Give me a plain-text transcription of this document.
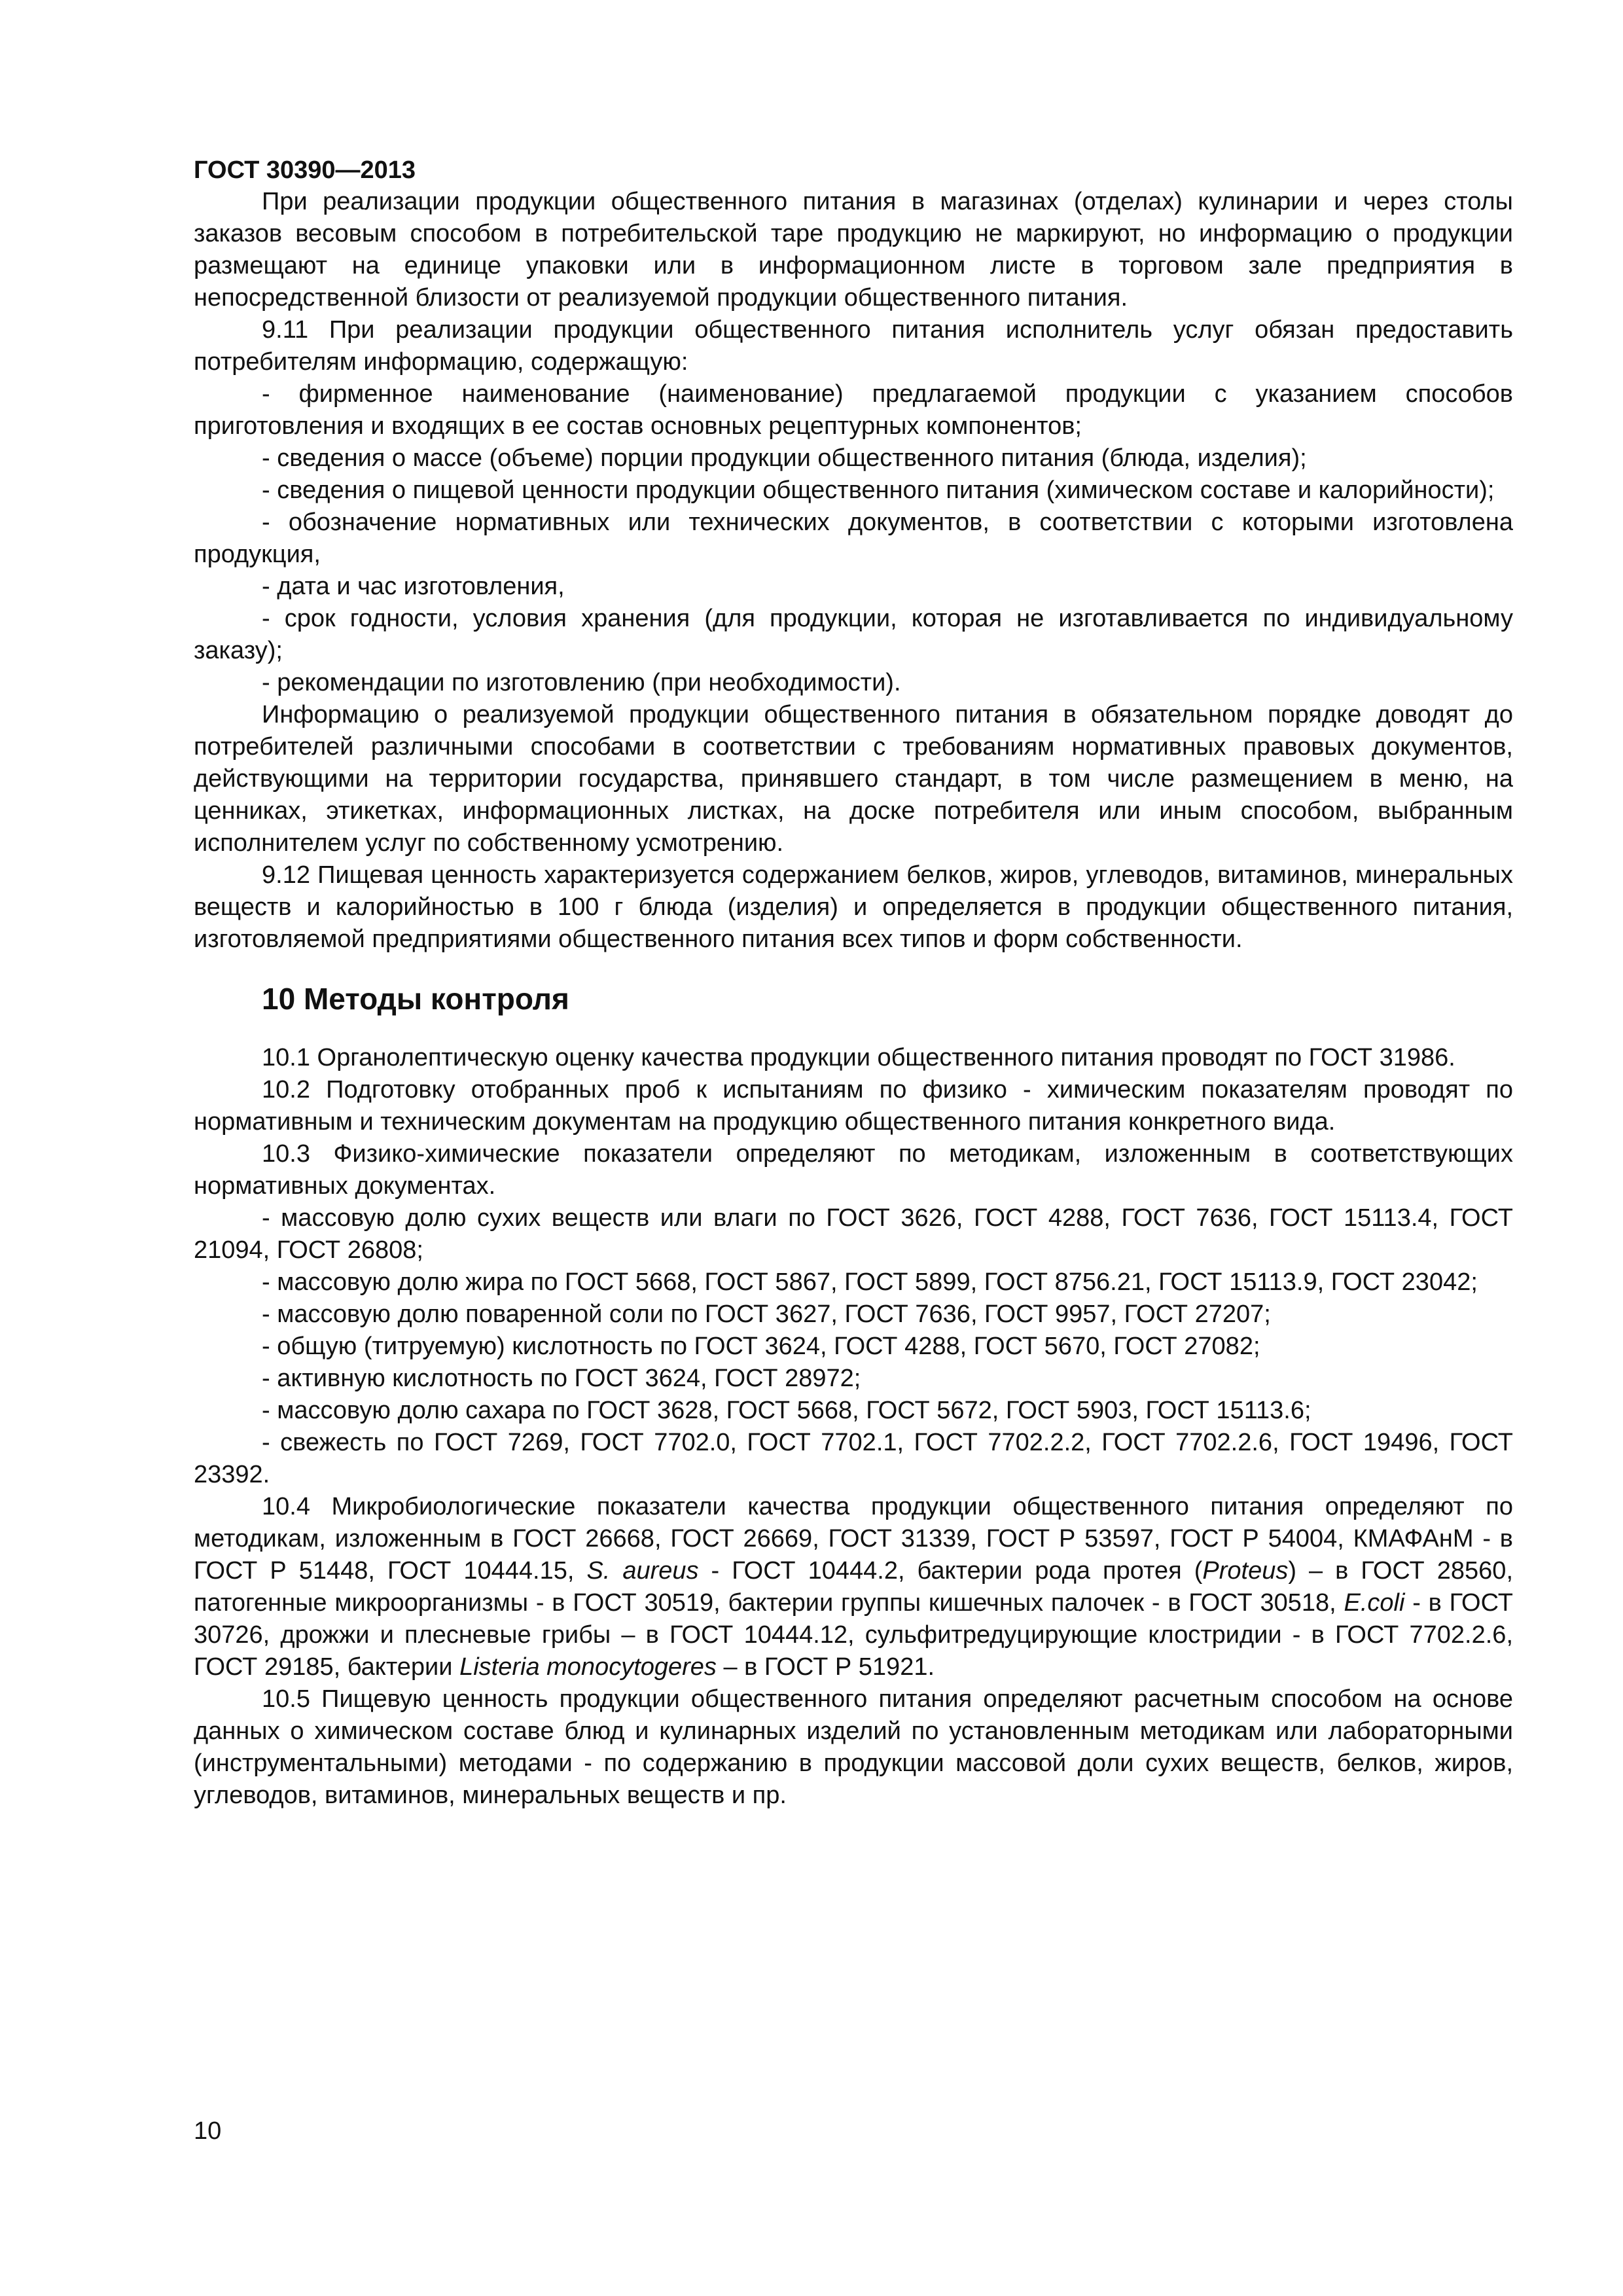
ГОСТ 30390—2013

При реализации продукции общественного питания в магазинах (отделах) кулинарии и через столы заказов весовым способом в потребительской таре продукцию не маркируют, но информацию о продукции размещают на единице упаковки или в информационном листе в торговом зале предприятия в непосредственной близости от реализуемой продукции общественного питания.

9.11 При реализации продукции общественного питания исполнитель услуг обязан предоставить потребителям информацию, содержащую:

- фирменное наименование (наименование) предлагаемой продукции с указанием способов приготовления и входящих в ее состав основных рецептурных компонентов;

- сведения о массе (объеме) порции продукции общественного питания (блюда, изделия);

- сведения о пищевой ценности продукции общественного питания (химическом составе и калорийности);

- обозначение нормативных или технических документов, в соответствии с которыми изготовлена продукция,

- дата и час изготовления,

- срок годности, условия хранения (для продукции, которая не изготавливается по индивидуальному заказу);

- рекомендации по изготовлению (при необходимости).

Информацию о реализуемой продукции общественного питания в обязательном порядке доводят до потребителей различными способами в соответствии с требованиям нормативных правовых документов, действующими на территории государства, принявшего стандарт, в том числе размещением в меню, на ценниках, этикетках, информационных листках, на доске потребителя или иным способом, выбранным исполнителем услуг по собственному усмотрению.

9.12 Пищевая ценность характеризуется содержанием белков, жиров, углеводов, витаминов, минеральных веществ и калорийностью в 100 г блюда (изделия) и определяется в продукции общественного питания, изготовляемой предприятиями общественного питания всех типов и форм собственности.

10 Методы контроля

10.1 Органолептическую оценку качества продукции общественного питания проводят по ГОСТ 31986.

10.2 Подготовку отобранных проб к испытаниям по физико - химическим показателям проводят по нормативным и техническим документам на продукцию общественного питания конкретного вида.

10.3 Физико-химические показатели определяют по методикам, изложенным в соответствующих нормативных документах.

- массовую долю сухих веществ или влаги по ГОСТ 3626, ГОСТ 4288, ГОСТ 7636, ГОСТ 15113.4, ГОСТ 21094, ГОСТ 26808;

- массовую долю жира по ГОСТ 5668, ГОСТ 5867, ГОСТ 5899, ГОСТ 8756.21, ГОСТ 15113.9, ГОСТ 23042;

- массовую долю поваренной соли по ГОСТ 3627, ГОСТ 7636, ГОСТ 9957, ГОСТ 27207;

- общую (титруемую) кислотность по ГОСТ 3624, ГОСТ 4288, ГОСТ 5670, ГОСТ 27082;

- активную кислотность по ГОСТ 3624, ГОСТ 28972;

- массовую долю сахара по ГОСТ 3628, ГОСТ 5668, ГОСТ 5672, ГОСТ 5903, ГОСТ 15113.6;

- свежесть по ГОСТ 7269, ГОСТ 7702.0, ГОСТ 7702.1, ГОСТ 7702.2.2, ГОСТ 7702.2.6, ГОСТ 19496, ГОСТ 23392.

10.4 Микробиологические показатели качества продукции общественного питания определяют по методикам, изложенным в ГОСТ 26668, ГОСТ 26669, ГОСТ 31339, ГОСТ Р 53597, ГОСТ Р 54004, КМАФАнМ - в ГОСТ Р 51448, ГОСТ 10444.15, S. aureus - ГОСТ 10444.2, бактерии рода протея (Proteus) – в ГОСТ 28560, патогенные микроорганизмы - в ГОСТ 30519, бактерии группы кишечных палочек - в ГОСТ 30518, E.coli - в ГОСТ 30726, дрожжи и плесневые грибы – в ГОСТ 10444.12, сульфитредуцирующие клостридии - в ГОСТ 7702.2.6, ГОСТ 29185, бактерии Listeria monocytogeres – в ГОСТ Р 51921.

10.5 Пищевую ценность продукции общественного питания определяют расчетным способом на основе данных о химическом составе блюд и кулинарных изделий по установленным методикам или лабораторными (инструментальными) методами - по содержанию в продукции массовой доли сухих веществ, белков, жиров, углеводов, витаминов, минеральных веществ и пр.

10
